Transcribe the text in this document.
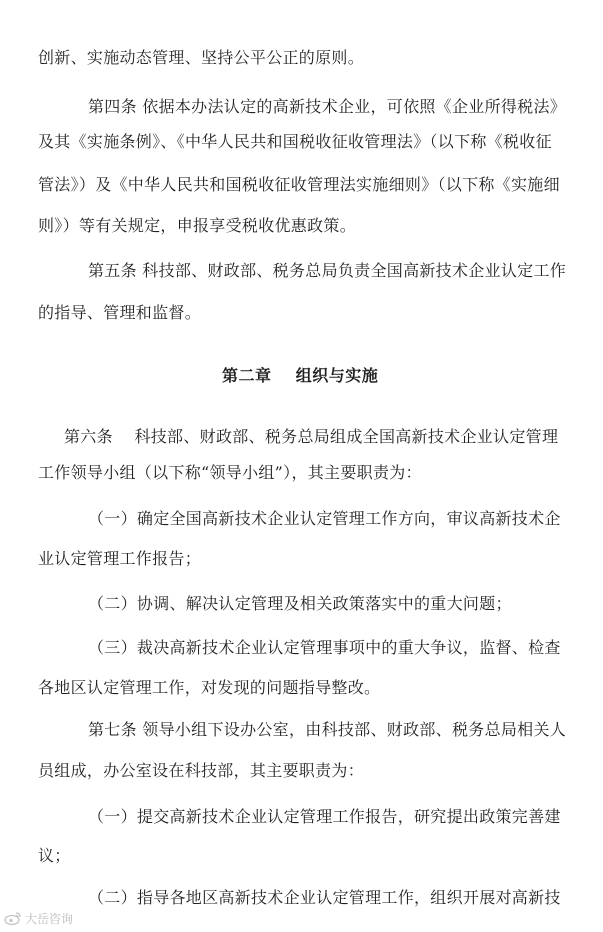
创新、实施动态管理、坚持公平公正的原则。
第四条 依据本办法认定的高新技术企业，可依照《企业所得税法》
及其《实施条例》、《中华人民共和国税收征收管理法》（以下称《税收征
管法》）及《中华人民共和国税收征收管理法实施细则》（以下称《实施细
则》）等有关规定，申报享受税收优惠政策。
第五条 科技部、财政部、税务总局负责全国高新技术企业认定工作
的指导、管理和监督。
第二章    组织与实施
第六条    科技部、财政部、税务总局组成全国高新技术企业认定管理
工作领导小组（以下称“领导小组”），其主要职责为：
（一）确定全国高新技术企业认定管理工作方向，审议高新技术企
业认定管理工作报告；
（二）协调、解决认定管理及相关政策落实中的重大问题；
（三）裁决高新技术企业认定管理事项中的重大争议，监督、检查
各地区认定管理工作，对发现的问题指导整改。
第七条 领导小组下设办公室，由科技部、财政部、税务总局相关人
员组成，办公室设在科技部，其主要职责为：
（一）提交高新技术企业认定管理工作报告，研究提出政策完善建
议；
（二）指导各地区高新技术企业认定管理工作，组织开展对高新技
大岳咨询
